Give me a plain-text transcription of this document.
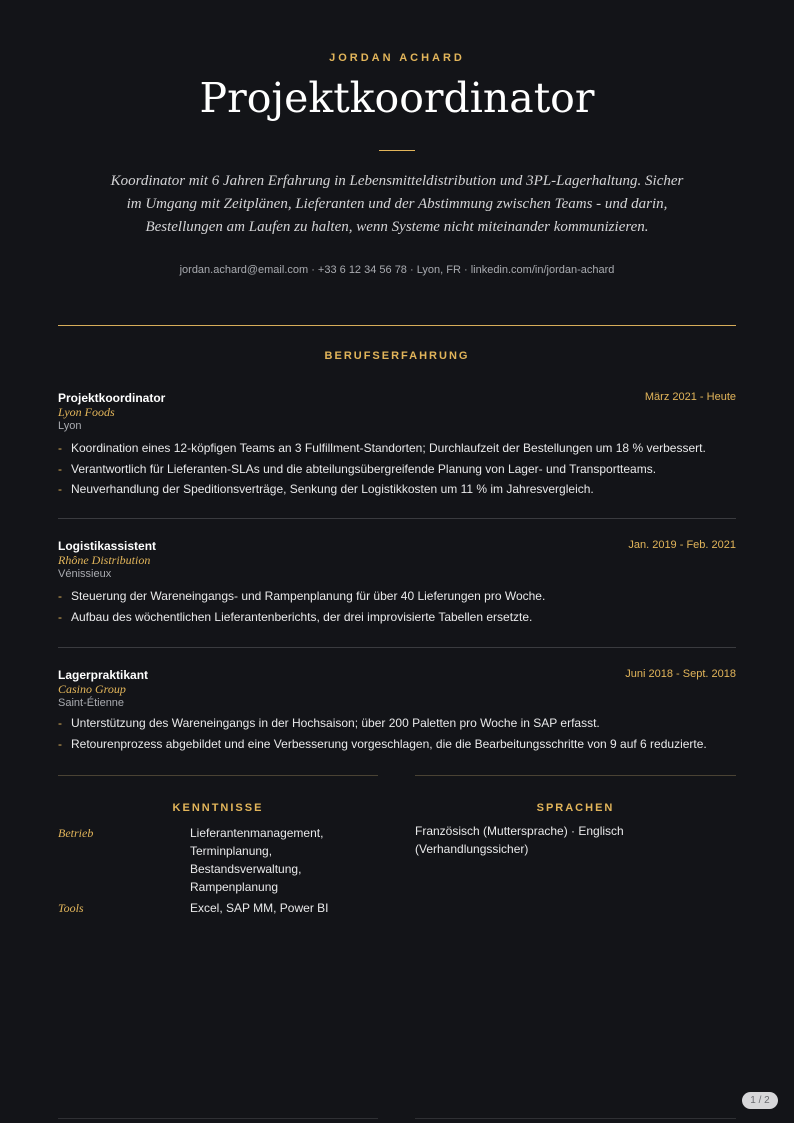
JORDAN ACHARD
Projektkoordinator
Koordinator mit 6 Jahren Erfahrung in Lebensmitteldistribution und 3PL-Lagerhaltung. Sicher im Umgang mit Zeitplänen, Lieferanten und der Abstimmung zwischen Teams - und darin, Bestellungen am Laufen zu halten, wenn Systeme nicht miteinander kommunizieren.
jordan.achard@email.com · +33 6 12 34 56 78 · Lyon, FR · linkedin.com/in/jordan-achard
BERUFSERFAHRUNG
Projektkoordinator	März 2021 - Heute
Lyon Foods
Lyon
- Koordination eines 12-köpfigen Teams an 3 Fulfillment-Standorten; Durchlaufzeit der Bestellungen um 18 % verbessert.
- Verantwortlich für Lieferanten-SLAs und die abteilungsübergreifende Planung von Lager- und Transportteams.
- Neuverhandlung der Speditionsverträge, Senkung der Logistikkosten um 11 % im Jahresvergleich.
Logistikassistent	Jan. 2019 - Feb. 2021
Rhône Distribution
Vénissieux
- Steuerung der Wareneingangs- und Rampenplanung für über 40 Lieferungen pro Woche.
- Aufbau des wöchentlichen Lieferantenberichts, der drei improvisierte Tabellen ersetzte.
Lagerpraktikant	Juni 2018 - Sept. 2018
Casino Group
Saint-Étienne
- Unterstützung des Wareneingangs in der Hochsaison; über 200 Paletten pro Woche in SAP erfasst.
- Retourenprozess abgebildet und eine Verbesserung vorgeschlagen, die die Bearbeitungsschritte von 9 auf 6 reduzierte.
KENNTNISSE
Betrieb	Lieferantenmanagement, Terminplanung, Bestandsverwaltung, Rampenplanung
Tools	Excel, SAP MM, Power BI
SPRACHEN
Französisch (Muttersprache) · Englisch (Verhandlungssicher)
1 / 2
